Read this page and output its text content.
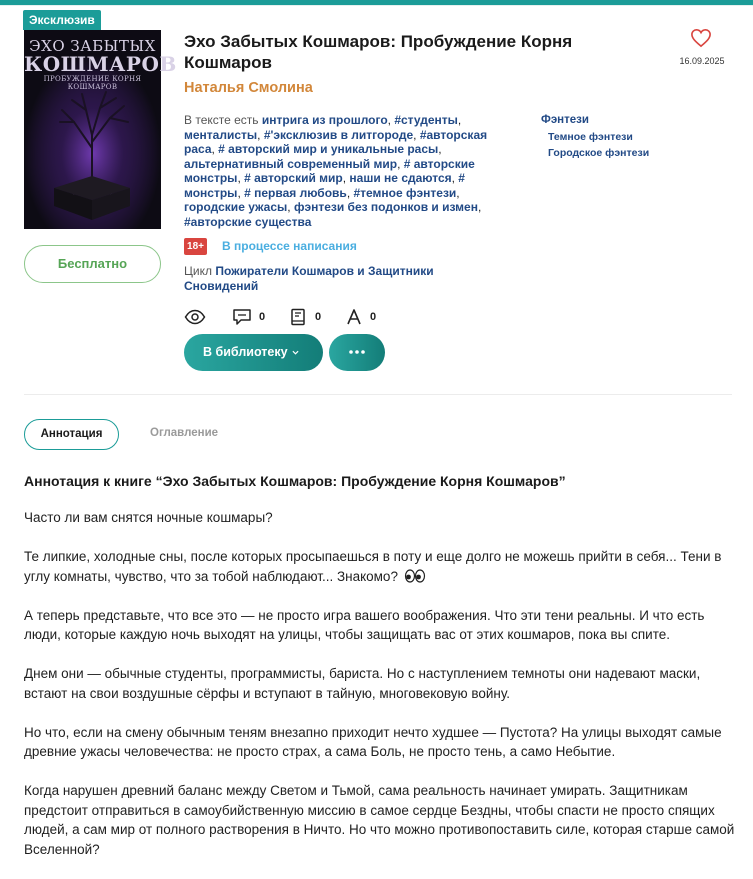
Эксклюзив
ЭХО ЗАБЫТЫХ
КОШМАРОВ
ПРОБУЖДЕНИЕ КОРНЯ КОШМАРОВ
Бесплатно
Эхо Забытых Кошмаров: Пробуждение Корня Кошмаров
Наталья Смолина
16.09.2025
В тексте есть интрига из прошлого, #студенты, менталисты, #'эксклюзив в литгороде, #авторская раса, # авторский мир и уникальные расы, альтернативный современный мир, # авторские монстры, # авторский мир, наши не сдаются, # монстры, # первая любовь, #темное фэнтези, городские ужасы, фэнтези без подонков и измен, #авторские существа
Фэнтези
Темное фэнтези
Городское фэнтези
18+ В процессе написания
Цикл Пожиратели Кошмаров и Защитники Сновидений
0	0	0
В библиотеку
Аннотация	Оглавление
Аннотация к книге “Эхо Забытых Кошмаров: Пробуждение Корня Кошмаров”

Часто ли вам снятся ночные кошмары?

Те липкие, холодные сны, после которых просыпаешься в поту и еще долго не можешь прийти в себя... Тени в углу комнаты, чувство, что за тобой наблюдают... Знакомо?

А теперь представьте, что все это — не просто игра вашего воображения. Что эти тени реальны. И что есть люди, которые каждую ночь выходят на улицы, чтобы защищать вас от этих кошмаров, пока вы спите.

Днем они — обычные студенты, программисты, бариста. Но с наступлением темноты они надевают маски, встают на свои воздушные сёрфы и вступают в тайную, многовековую войну.

Но что, если на смену обычным теням внезапно приходит нечто худшее — Пустота? На улицы выходят самые древние ужасы человечества: не просто страх, а сама Боль, не просто тень, а само Небытие.

Когда нарушен древний баланс между Светом и Тьмой, сама реальность начинает умирать. Защитникам предстоит отправиться в самоубийственную миссию в самое сердце Бездны, чтобы спасти не просто спящих людей, а сам мир от полного растворения в Ничто. Но что можно противопоставить силе, которая старше самой Вселенной?
